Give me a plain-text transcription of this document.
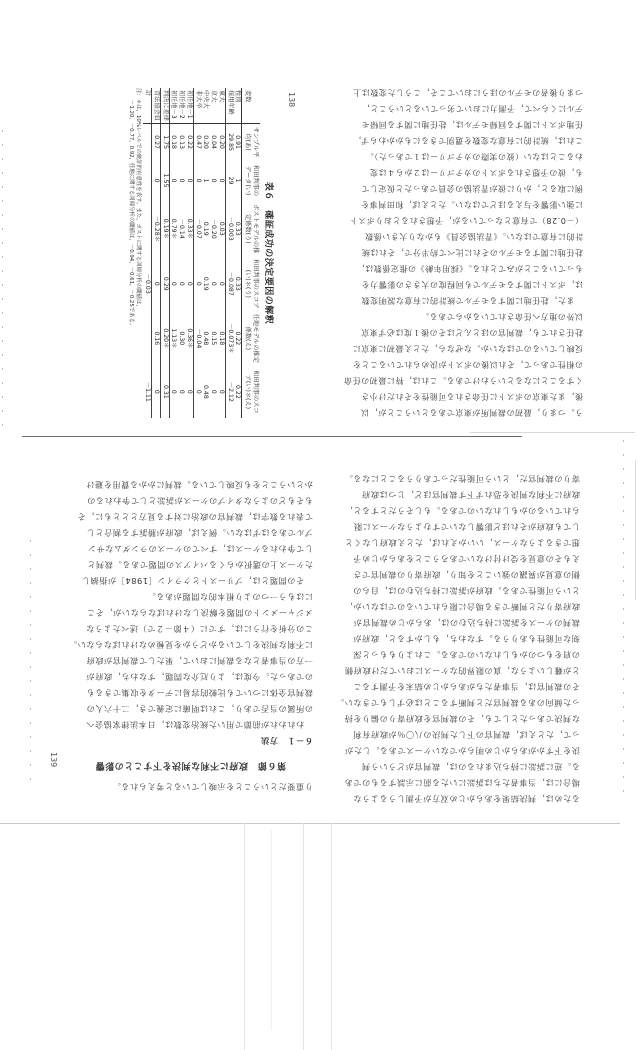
138
表６　確証成功の決定要因の解釈
変数	サンプル平均(あ)	和田判事のデータ(い)	ポストモデルの推定係数(う)	和田判事のスコア(い)＊(う)	任地モデルの推定係数(え)	和田判事のスコア(い)＊(え)
性別	0.91	1	0.33	0.33	0.22	0.22
採用年齢	29.85	29	－0.003	－0.087	－0.073＊	－2.12
東大	0.20	0	0.03	0	0.18	0
京大	0.04	0	－0.20	0	0.15	0
中央大	0.20	1	0.19	0.19	0.48	0.48
非大卒	0.47	0	－0.07	0	－0.04	0
初任地－1	0.22	0	0.33＊	0	0.36＊	0
初任地－2	0.13	0	－0.14	0	0.30	0
初任地－3	0.18	0	0.79＊	0	1.13＊	0
判決に差律	1.75	1.55	0.19＊	0.29	0.20＊	0.31
青法協会員	0.27	0	－0.28＊	0	0.16	0
計				－0.03		－1.11
注：＊は，10%レベルでの統計的有意性を表す。また，ポストに関する回帰分析の閾値は，
－1.20，－0.77，0.92，任地に関する回帰分析の閾値は，－0.94，－0.61，－0.25である。

う。つまり，最初の裁判所が東京であるということが，以

後，また東京のポストに任命される可能性をそれだけ小さ

くすることになるというわけである。これは，特に最初の任命

の相性であって，それ以後のポストが決められていることを

反映しているのではないか。なぜなら，たとえ最初に東京に

赴任されても，裁判官のほとんどはその後１度は必ず東京

以外の地方へ任命されているからである。

　また，赴任地に関するモデルで統計的に有意な説明変数

は，ポストに関するモデルでも同程度の大きさの影響力を

もっていることがみてとれる。《採用年齢》の推定係数は，

赴任地に関するモデルのそれに比べて約半分で，それは統

計的に有意ではない。《青法協会員》もかなり大きい係数

（－0.28）で有意となっているが，予想されるとおりポスト

に強い影響を与えるほどではない。たとえば，和田判事を

例に取ると，かりに彼が青法協の会員であったと仮定して

も，彼の予想されるポストのカテゴリーは２から４は変

わることはない（彼の実際のカテゴリーは１であった）。

これは，統計的に有意な変数を選別できるにもかかわらず，

任地ポストに関する回帰モデルは，赴任地に関する回帰モ

デルにくらべて，予測力において劣っているということ，

つまり後者のモデルのほうにおいてこそ，こうした変数は上

り重要だということを示唆していると考えられる。

第６節　政府に不利な判決を下すことの影響

６－１　方法

　われわれが前節で用いた統治変数は，日本法律家協会へ

の所属の当否であり，これは明確に定義でき，二十六人の

裁判官全体についても比較的容易にデータを収集できるも

のであった。今度は，より厄介な問題，すなわち，政府が

一方の当事者となる裁判において，果たして裁判官が政府

に不利な判決をしているかどうかを見極めなければならない。

この分析を行うには，すでに（４節－２で）述べたような

メジャーメントの問題を解決しなければならないが，そこ

にはもう一つのより根本的な問題がある。

　その問題とは，プリーストとクライン［1984］が指摘し

たケース上の選択からくるバイアスの問題である。裁判と

して争われるケースは，すべてのケースのランダムなサン

プルであるはずはない。例えば，政府が勝訴する割合とし

て表れる数字は，裁判官の政治に対する見方ととともに，そ

もそもどのようなタイプのケースが訴訟として争われるの

かということをも反映している。裁判にかかる費用を避け

139

るためは，判決結果をあらかじめ双方が予測しうるような

場合には，当事者たちは訴訟にいたる前に示談するものであ

る。逆に訴訟に持ち込まれるのは，裁判官がどういう判

決を下すかがあらかじめ明らかでないケースである。したが

って，たとえば，裁判官の下した判決の八〇％が政府有利

な判決であったとしても，その裁判官を政府寄りの偏りを持

った傾向のある裁判官だと判断することは必ずしもできない。

その裁判官は，当事者たちがあらかじめ結末を予測するこ

とが難しいような，真の限界的なケースにおいてだけ政府側

の肩をもつのかもしれないのである。これよりももっと深

刻な可能性もありうる。すなわち，もしかすると，政府が

裁判のケースを訴訟に持ち込むのは，あらかじめ裁判官が

政府寄りだと判断できる場合に限られているのではないか，

という可能性である。政府が訴訟に持ち込むのは，自らの

側の意見が異議の強いことを知り，政府寄りの裁判官でさ

えもその意見を受け付けないであろうことをあらかじめ予

想できるようなケース，いいかえれば，たとえ政府しなくと

しても政府がそれほど影響しないですむようなケースに限

られているのかもしれないのである。もしそうだとすると，

政府に不利な判決を恐れず下す裁判官ほど，じつは政府

寄りの裁判官だ，という可能性だってありうることになる。
